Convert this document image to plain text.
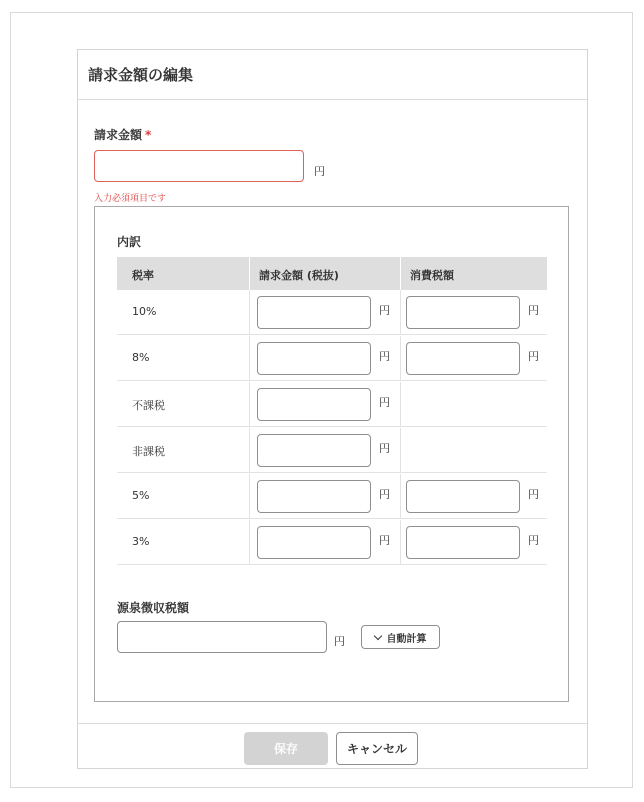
請求金額の編集
請求金額 *
円
入力必須項目です
内訳
税率	請求金額 (税抜)	消費税額
10%	円	円
8%	円	円
不課税	円
非課税	円
5%	円	円
3%	円	円
源泉徴収税額
円	自動計算
保存	キャンセル
